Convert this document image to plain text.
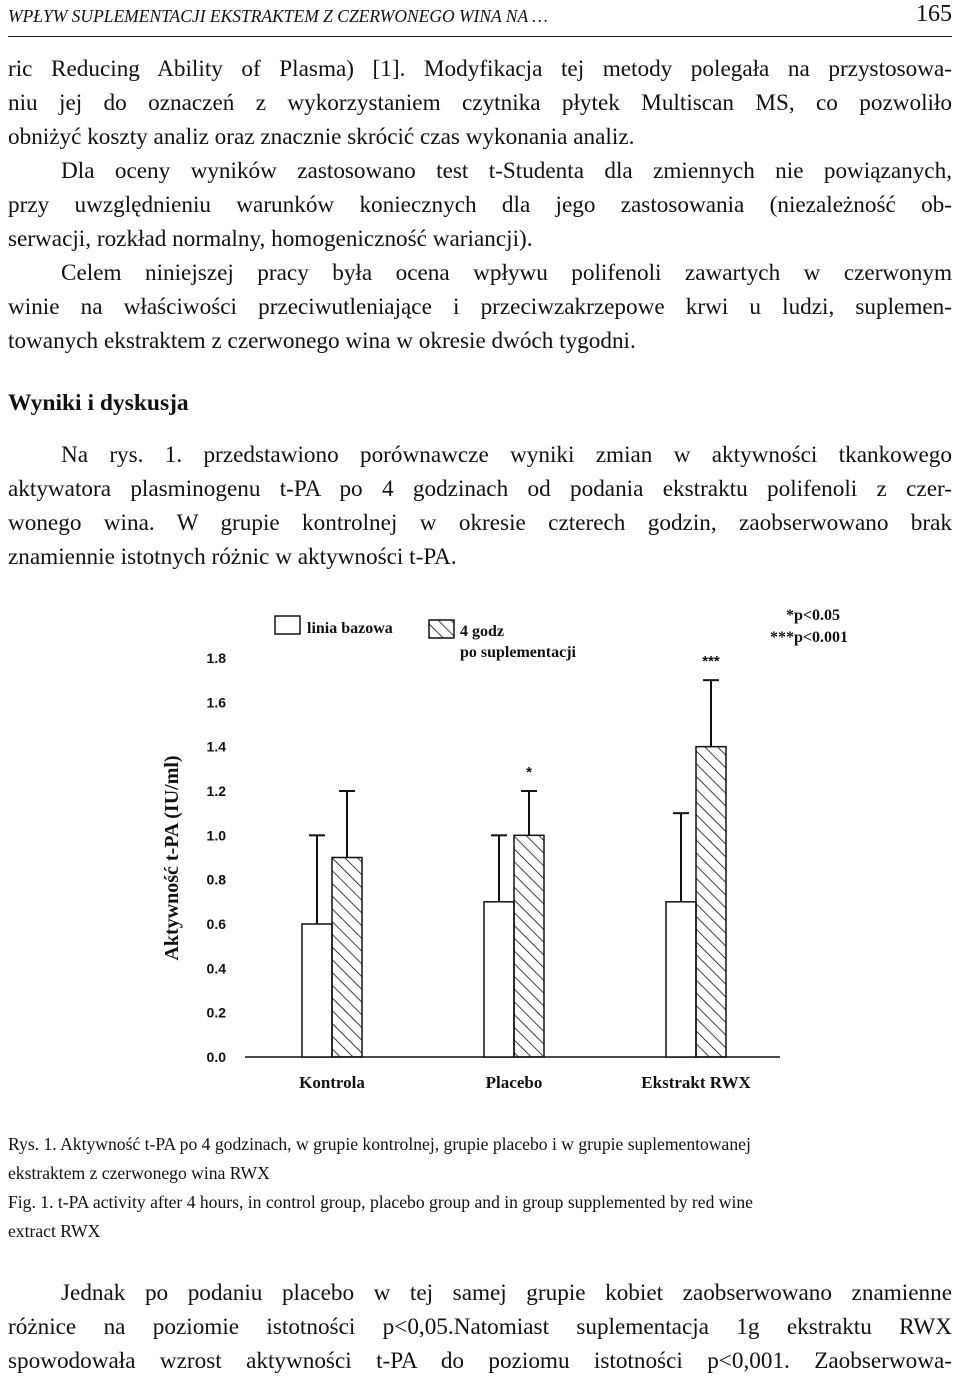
WPŁYW SUPLEMENTACJI EKSTRAKTEM Z CZERWONEGO WINA NA …	165

ric Reducing Ability of Plasma) [1]. Modyfikacja tej metody polegała na przystosowa-
niu jej do oznaczeń z wykorzystaniem czytnika płytek Multiscan MS, co pozwoliło
obniżyć koszty analiz oraz znacznie skrócić czas wykonania analiz.

Dla oceny wyników zastosowano test t-Studenta dla zmiennych nie powiązanych,
przy uwzględnieniu warunków koniecznych dla jego zastosowania (niezależność ob-
serwacji, rozkład normalny, homogeniczność wariancji).

Celem niniejszej pracy była ocena wpływu polifenoli zawartych w czerwonym
winie na właściwości przeciwutleniające i przeciwzakrzepowe krwi u ludzi, suplemen-
towanych ekstraktem z czerwonego wina w okresie dwóch tygodni.

Wyniki i dyskusja

Na rys. 1. przedstawiono porównawcze wyniki zmian w aktywności tkankowego
aktywatora plasminogenu t-PA po 4 godzinach od podania ekstraktu polifenoli z czer-
wonego wina. W grupie kontrolnej w okresie czterech godzin, zaobserwowano brak
znamiennie istotnych różnic w aktywności t-PA.

0.0
0.2
0.4
0.6
0.8
1.0
1.2
1.4
1.6
1.8
Aktywność t-PA (IU/ml)
Kontrola
*
Placebo
***
Ekstrakt RWX
linia bazowa	4 godz
po suplementacji
*p<0.05
***p<0.001
Rys. 1. Aktywność t-PA po 4 godzinach, w grupie kontrolnej, grupie placebo i w grupie suplementowanej
ekstraktem z czerwonego wina RWX
Fig. 1. t-PA activity after 4 hours, in control group, placebo group and in group supplemented by red wine
extract RWX

Jednak po podaniu placebo w tej samej grupie kobiet zaobserwowano znamienne
różnice na poziomie istotności p<0,05.Natomiast suplementacja 1g ekstraktu RWX
spowodowała wzrost aktywności t-PA do poziomu istotności p<0,001. Zaobserwowa-
